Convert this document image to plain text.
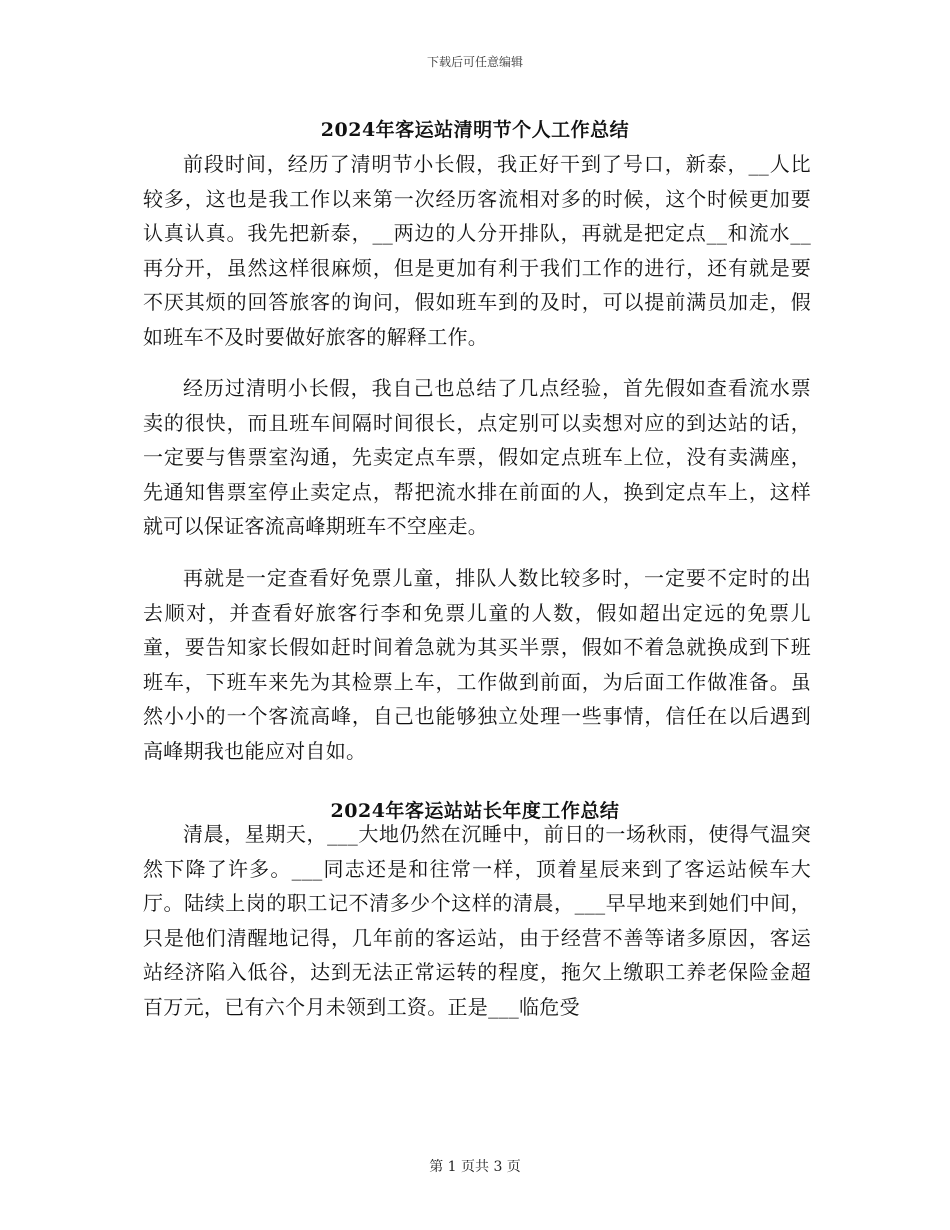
下载后可任意编辑
2024年客运站清明节个人工作总结

前段时间，经历了清明节小长假，我正好干到了号口，新泰，__人比较多，这也是我工作以来第一次经历客流相对多的时候，这个时候更加要认真认真。我先把新泰，__两边的人分开排队，再就是把定点__和流水__再分开，虽然这样很麻烦，但是更加有利于我们工作的进行，还有就是要不厌其烦的回答旅客的询问，假如班车到的及时，可以提前满员加走，假如班车不及时要做好旅客的解释工作。

经历过清明小长假，我自己也总结了几点经验，首先假如查看流水票卖的很快，而且班车间隔时间很长，点定别可以卖想对应的到达站的话，一定要与售票室沟通，先卖定点车票，假如定点班车上位，没有卖满座，先通知售票室停止卖定点，帮把流水排在前面的人，换到定点车上，这样就可以保证客流高峰期班车不空座走。

再就是一定查看好免票儿童，排队人数比较多时，一定要不定时的出去顺对，并查看好旅客行李和免票儿童的人数，假如超出定远的免票儿童，要告知家长假如赶时间着急就为其买半票，假如不着急就换成到下班班车，下班车来先为其检票上车，工作做到前面，为后面工作做准备。虽然小小的一个客流高峰，自己也能够独立处理一些事情，信任在以后遇到高峰期我也能应对自如。

2024年客运站站长年度工作总结

清晨，星期天，___大地仍然在沉睡中，前日的一场秋雨，使得气温突然下降了许多。___同志还是和往常一样，顶着星辰来到了客运站候车大厅。陆续上岗的职工记不清多少个这样的清晨，___早早地来到她们中间，只是他们清醒地记得，几年前的客运站，由于经营不善等诸多原因，客运站经济陷入低谷，达到无法正常运转的程度，拖欠上缴职工养老保险金超百万元，已有六个月未领到工资。正是___临危受

第 1 页共 3 页
